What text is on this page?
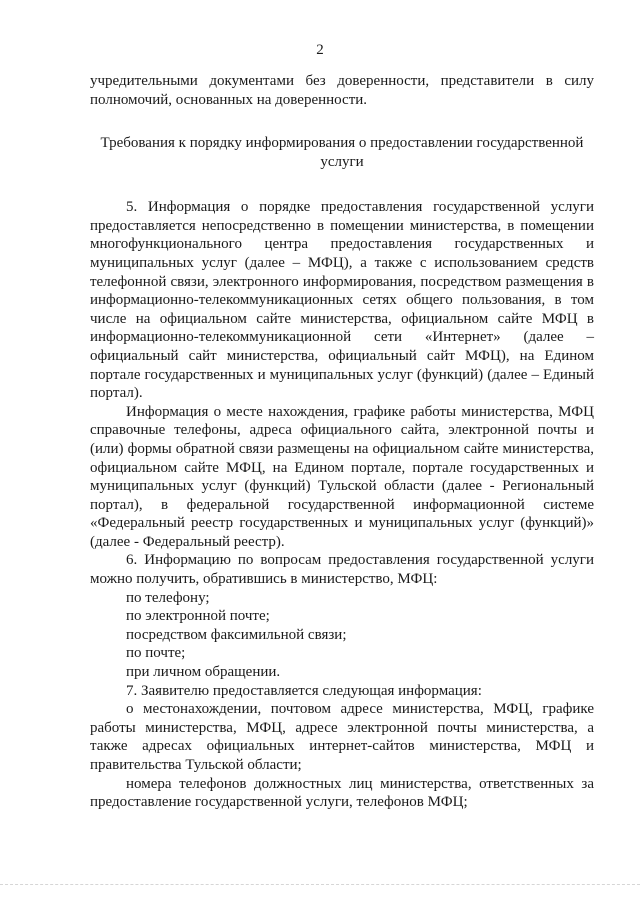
2

учредительными документами без доверенности, представители в силу полномочий, основанных на доверенности.

Требования к порядку информирования о предоставлении государственной услуги

5. Информация о порядке предоставления государственной услуги предоставляется непосредственно в помещении министерства, в помещении многофункционального центра предоставления государственных и муниципальных услуг (далее – МФЦ), а также с использованием средств телефонной связи, электронного информирования, посредством размещения в информационно-телекоммуникационных сетях общего пользования, в том числе на официальном сайте министерства, официальном сайте МФЦ в информационно-телекоммуникационной сети «Интернет» (далее – официальный сайт министерства, официальный сайт МФЦ), на Едином портале государственных и муниципальных услуг (функций) (далее – Единый портал).

Информация о месте нахождения, графике работы министерства, МФЦ справочные телефоны, адреса официального сайта, электронной почты и (или) формы обратной связи размещены на официальном сайте министерства, официальном сайте МФЦ, на Едином портале, портале государственных и муниципальных услуг (функций) Тульской области (далее - Региональный портал), в федеральной государственной информационной системе «Федеральный реестр государственных и муниципальных услуг (функций)» (далее - Федеральный реестр).

6. Информацию по вопросам предоставления государственной услуги можно получить, обратившись в министерство, МФЦ:

по телефону;

по электронной почте;

посредством факсимильной связи;

по почте;

при личном обращении.

7. Заявителю предоставляется следующая информация:

о местонахождении, почтовом адресе министерства, МФЦ, графике работы министерства, МФЦ, адресе электронной почты министерства, а также адресах официальных интернет-сайтов министерства, МФЦ и правительства Тульской области;

номера телефонов должностных лиц министерства, ответственных за предоставление государственной услуги, телефонов МФЦ;
